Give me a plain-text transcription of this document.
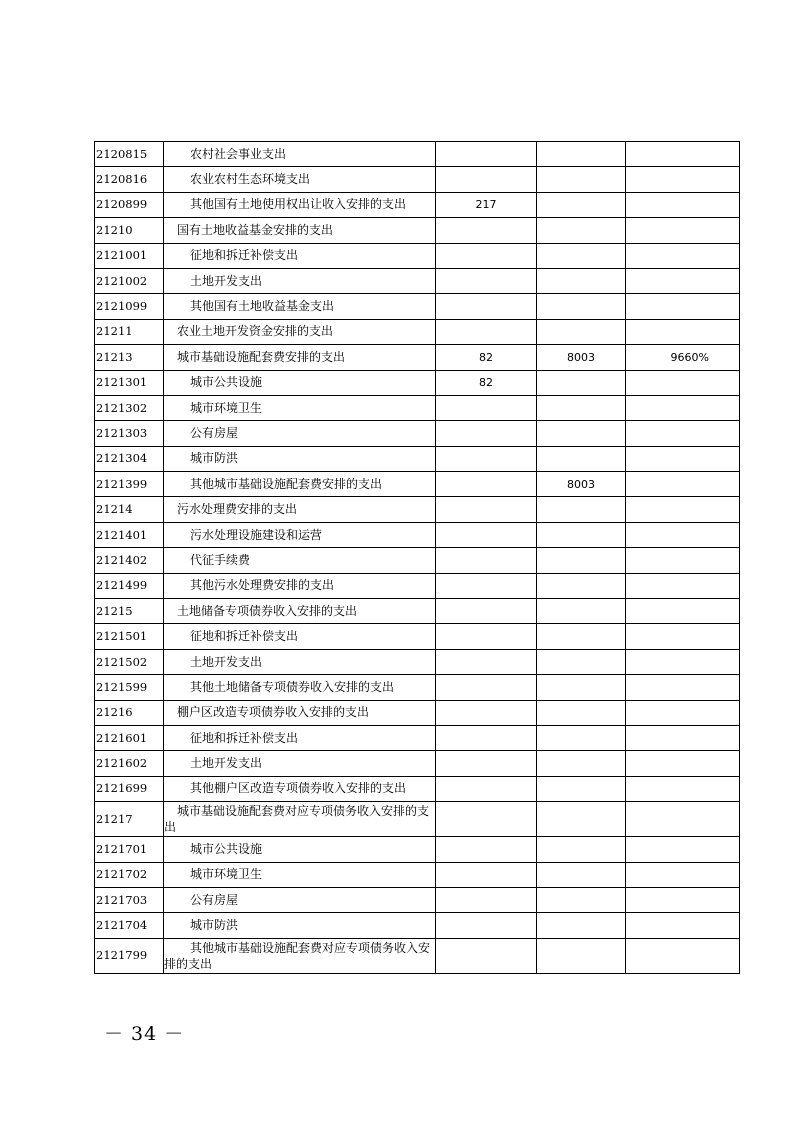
2120815	农村社会事业支出			
2120816	农业农村生态环境支出			
2120899	其他国有土地使用权出让收入安排的支出	217		
21210	国有土地收益基金安排的支出			
2121001	征地和拆迁补偿支出			
2121002	土地开发支出			
2121099	其他国有土地收益基金支出			
21211	农业土地开发资金安排的支出			
21213	城市基础设施配套费安排的支出	82	8003	9660%
2121301	城市公共设施	82		
2121302	城市环境卫生			
2121303	公有房屋			
2121304	城市防洪			
2121399	其他城市基础设施配套费安排的支出		8003	
21214	污水处理费安排的支出			
2121401	污水处理设施建设和运营			
2121402	代征手续费			
2121499	其他污水处理费安排的支出			
21215	土地储备专项债券收入安排的支出			
2121501	征地和拆迁补偿支出			
2121502	土地开发支出			
2121599	其他土地储备专项债券收入安排的支出			
21216	棚户区改造专项债券收入安排的支出			
2121601	征地和拆迁补偿支出			
2121602	土地开发支出			
2121699	其他棚户区改造专项债券收入安排的支出			
21217	城市基础设施配套费对应专项债务收入安排的支出			

2121701	城市公共设施			
2121702	城市环境卫生			
2121703	公有房屋			
2121704	城市防洪			
2121799	其他城市基础设施配套费对应专项债务收入安排的支出			

－ 34 －
